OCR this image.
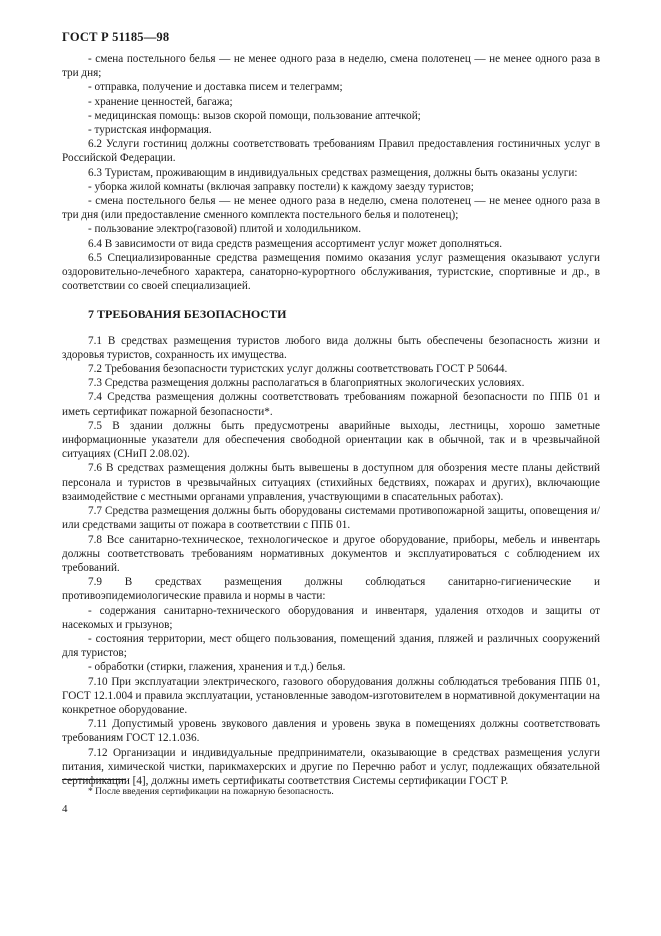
ГОСТ Р 51185—98

- смена постельного белья — не менее одного раза в неделю, смена полотенец — не менее одного раза в три дня;

- отправка, получение и доставка писем и телеграмм;

- хранение ценностей, багажа;

- медицинская помощь: вызов скорой помощи, пользование аптечкой;

- туристская информация.

6.2 Услуги гостиниц должны соответствовать требованиям Правил предоставления гостиничных услуг в Российской Федерации.

6.3 Туристам, проживающим в индивидуальных средствах размещения, должны быть оказаны услуги:

- уборка жилой комнаты (включая заправку постели) к каждому заезду туристов;

- смена постельного белья — не менее одного раза в неделю, смена полотенец — не менее одного раза в три дня (или предоставление сменного комплекта постельного белья и полотенец);

- пользование электро(газовой) плитой и холодильником.

6.4 В зависимости от вида средств размещения ассортимент услуг может дополняться.

6.5 Специализированные средства размещения помимо оказания услуг размещения оказывают услуги оздоровительно-лечебного характера, санаторно-курортного обслуживания, туристские, спортивные и др., в соответствии со своей специализацией.

7 ТРЕБОВАНИЯ БЕЗОПАСНОСТИ

7.1 В средствах размещения туристов любого вида должны быть обеспечены безопасность жизни и здоровья туристов, сохранность их имущества.

7.2 Требования безопасности туристских услуг должны соответствовать ГОСТ Р 50644.

7.3 Средства размещения должны располагаться в благоприятных экологических условиях.

7.4 Средства размещения должны соответствовать требованиям пожарной безопасности по ППБ 01 и иметь сертификат пожарной безопасности*.

7.5 В здании должны быть предусмотрены аварийные выходы, лестницы, хорошо заметные информационные указатели для обеспечения свободной ориентации как в обычной, так и в чрезвычайной ситуациях (СНиП 2.08.02).

7.6 В средствах размещения должны быть вывешены в доступном для обозрения месте планы действий персонала и туристов в чрезвычайных ситуациях (стихийных бедствиях, пожарах и других), включающие взаимодействие с местными органами управления, участвующими в спасательных работах).

7.7 Средства размещения должны быть оборудованы системами противопожарной защиты, оповещения и/или средствами защиты от пожара в соответствии с ППБ 01.

7.8 Все санитарно-техническое, технологическое и другое оборудование, приборы, мебель и инвентарь должны соответствовать требованиям нормативных документов и эксплуатироваться с соблюдением их требований.

7.9 В средствах размещения должны соблюдаться санитарно-гигиенические и противоэпидемиологические правила и нормы в части:

- содержания санитарно-технического оборудования и инвентаря, удаления отходов и защиты от насекомых и грызунов;

- состояния территории, мест общего пользования, помещений здания, пляжей и различных сооружений для туристов;

- обработки (стирки, глажения, хранения и т.д.) белья.

7.10 При эксплуатации электрического, газового оборудования должны соблюдаться требования ППБ 01, ГОСТ 12.1.004 и правила эксплуатации, установленные заводом-изготовителем в нормативной документации на конкретное оборудование.

7.11 Допустимый уровень звукового давления и уровень звука в помещениях должны соответствовать требованиям ГОСТ 12.1.036.

7.12 Организации и индивидуальные предприниматели, оказывающие в средствах размещения услуги питания, химической чистки, парикмахерских и другие по Перечню работ и услуг, подлежащих обязательной сертификации [4], должны иметь сертификаты соответствия Системы сертификации ГОСТ Р.

* После введения сертификации на пожарную безопасность.
4
